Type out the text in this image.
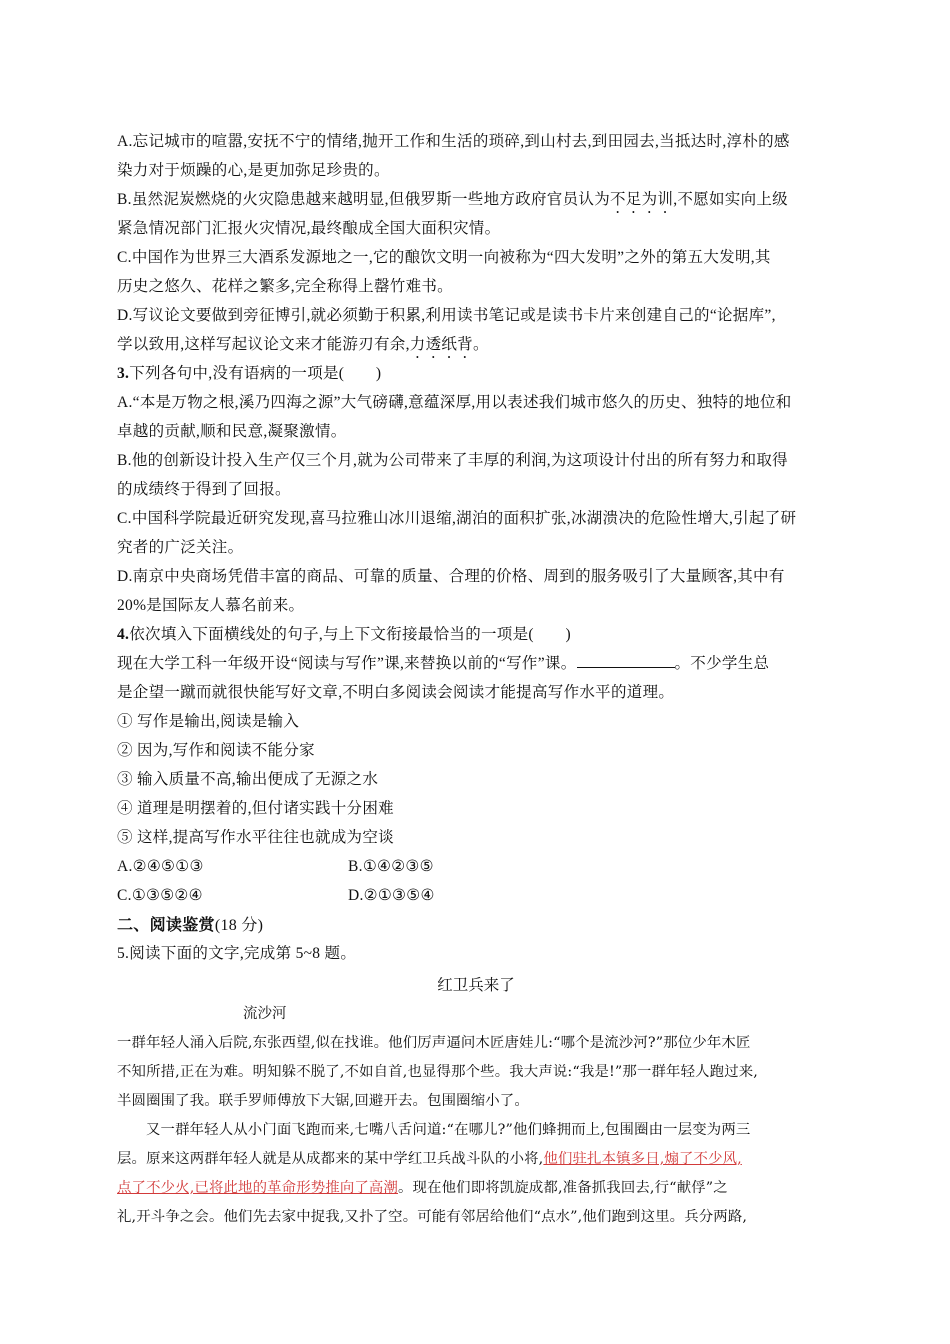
A.忘记城市的喧嚣,安抚不宁的情绪,抛开工作和生活的琐碎,到山村去,到田园去,当抵达时,淳朴的感
染力对于烦躁的心,是更加弥足珍贵的。
B.虽然泥炭燃烧的火灾隐患越来越明显,但俄罗斯一些地方政府官员认为不足为训,不愿如实向上级
紧急情况部门汇报火灾情况,最终酿成全国大面积灾情。
C.中国作为世界三大酒系发源地之一,它的酿饮文明一向被称为“四大发明”之外的第五大发明,其
历史之悠久、花样之繁多,完全称得上罄竹难书。
D.写议论文要做到旁征博引,就必须勤于积累,利用读书笔记或是读书卡片来创建自己的“论据库”,
学以致用,这样写起议论文来才能游刃有余,力透纸背。
3.下列各句中,没有语病的一项是(　　)
A.“本是万物之根,溪乃四海之源”大气磅礴,意蕴深厚,用以表述我们城市悠久的历史、独特的地位和
卓越的贡献,顺和民意,凝聚激情。
B.他的创新设计投入生产仅三个月,就为公司带来了丰厚的利润,为这项设计付出的所有努力和取得
的成绩终于得到了回报。
C.中国科学院最近研究发现,喜马拉雅山冰川退缩,湖泊的面积扩张,冰湖溃决的危险性增大,引起了研
究者的广泛关注。
D.南京中央商场凭借丰富的商品、可靠的质量、合理的价格、周到的服务吸引了大量顾客,其中有
20%是国际友人慕名前来。
4.依次填入下面横线处的句子,与上下文衔接最恰当的一项是(　　)
现在大学工科一年级开设“阅读与写作”课,来替换以前的“写作”课。	。不少学生总
是企望一蹴而就很快能写好文章,不明白多阅读会阅读才能提高写作水平的道理。
① 写作是输出,阅读是输入
② 因为,写作和阅读不能分家
③ 输入质量不高,输出便成了无源之水
④ 道理是明摆着的,但付诸实践十分困难
⑤ 这样,提高写作水平往往也就成为空谈
A.②④⑤①③	B.①④②③⑤
C.①③⑤②④	D.②①③⑤④
二、阅读鉴赏(18 分)
5.阅读下面的文字,完成第 5~8 题。
红卫兵来了
流沙河
一群年轻人涌入后院,东张西望,似在找谁。他们厉声逼问木匠唐娃儿:“哪个是流沙河?”那位少年木匠
不知所措,正在为难。明知躲不脱了,不如自首,也显得那个些。我大声说:“我是!”那一群年轻人跑过来,
半圆圈围了我。联手罗师傅放下大锯,回避开去。包围圈缩小了。
又一群年轻人从小门面飞跑而来,七嘴八舌问道:“在哪儿?”他们蜂拥而上,包围圈由一层变为两三
层。原来这两群年轻人就是从成都来的某中学红卫兵战斗队的小将,他们驻扎本镇多日,煽了不少风,
点了不少火,已将此地的革命形势推向了高潮。现在他们即将凯旋成都,准备抓我回去,行“献俘”之
礼,开斗争之会。他们先去家中捉我,又扑了空。可能有邻居给他们“点水”,他们跑到这里。兵分两路,
